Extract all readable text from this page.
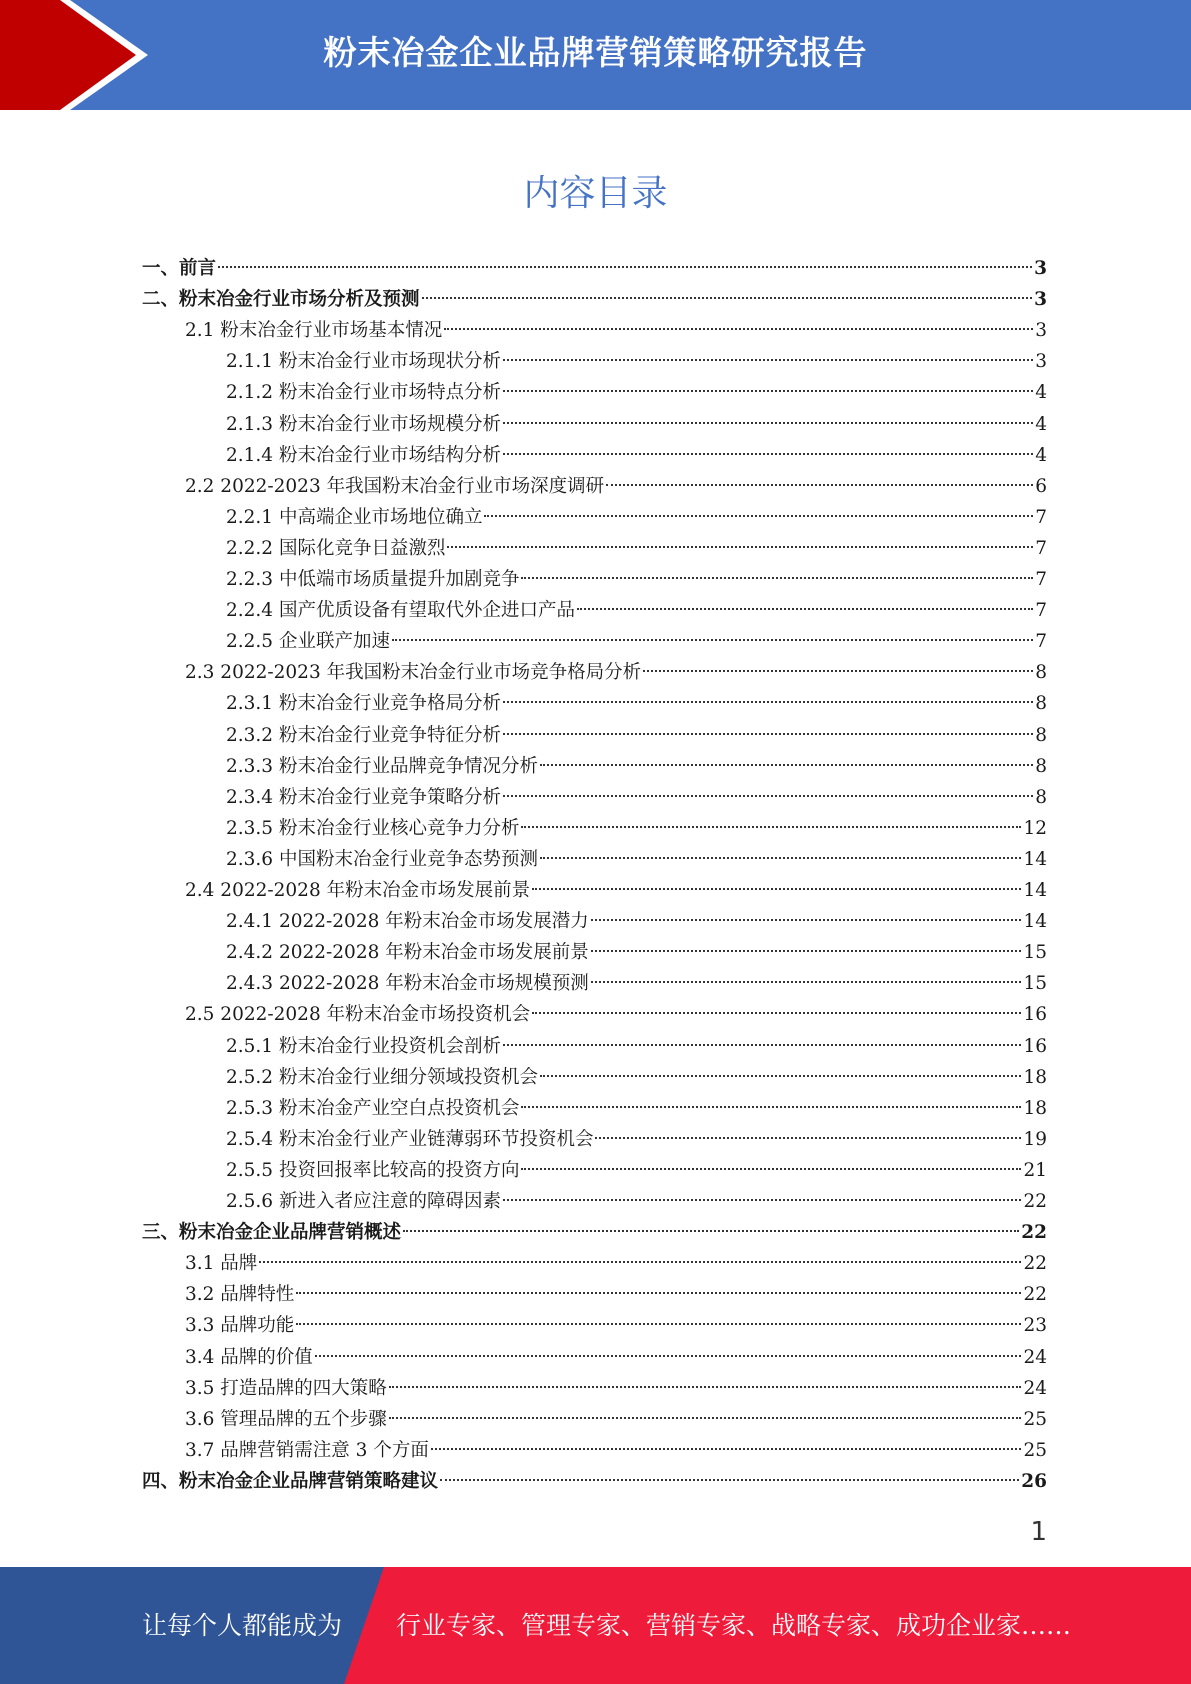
粉末冶金企业品牌营销策略研究报告
内容目录
一、前言	3
二、粉末冶金行业市场分析及预测	3
2.1 粉末冶金行业市场基本情况	3
2.1.1 粉末冶金行业市场现状分析	3
2.1.2 粉末冶金行业市场特点分析	4
2.1.3 粉末冶金行业市场规模分析	4
2.1.4 粉末冶金行业市场结构分析	4
2.2 2022-2023 年我国粉末冶金行业市场深度调研	6
2.2.1 中高端企业市场地位确立	7
2.2.2 国际化竞争日益激烈	7
2.2.3 中低端市场质量提升加剧竞争	7
2.2.4 国产优质设备有望取代外企进口产品	7
2.2.5 企业联产加速	7
2.3 2022-2023 年我国粉末冶金行业市场竞争格局分析	8
2.3.1 粉末冶金行业竞争格局分析	8
2.3.2 粉末冶金行业竞争特征分析	8
2.3.3 粉末冶金行业品牌竞争情况分析	8
2.3.4 粉末冶金行业竞争策略分析	8
2.3.5 粉末冶金行业核心竞争力分析	12
2.3.6 中国粉末冶金行业竞争态势预测	14
2.4 2022-2028 年粉末冶金市场发展前景	14
2.4.1 2022-2028 年粉末冶金市场发展潜力	14
2.4.2 2022-2028 年粉末冶金市场发展前景	15
2.4.3 2022-2028 年粉末冶金市场规模预测	15
2.5 2022-2028 年粉末冶金市场投资机会	16
2.5.1 粉末冶金行业投资机会剖析	16
2.5.2 粉末冶金行业细分领域投资机会	18
2.5.3 粉末冶金产业空白点投资机会	18
2.5.4 粉末冶金行业产业链薄弱环节投资机会	19
2.5.5 投资回报率比较高的投资方向	21
2.5.6 新进入者应注意的障碍因素	22
三、粉末冶金企业品牌营销概述	22
3.1 品牌	22
3.2 品牌特性	22
3.3 品牌功能	23
3.4 品牌的价值	24
3.5 打造品牌的四大策略	24
3.6 管理品牌的五个步骤	25
3.7 品牌营销需注意 3 个方面	25
四、粉末冶金企业品牌营销策略建议	26
1
让每个人都能成为 行业专家、管理专家、营销专家、战略专家、成功企业家……
